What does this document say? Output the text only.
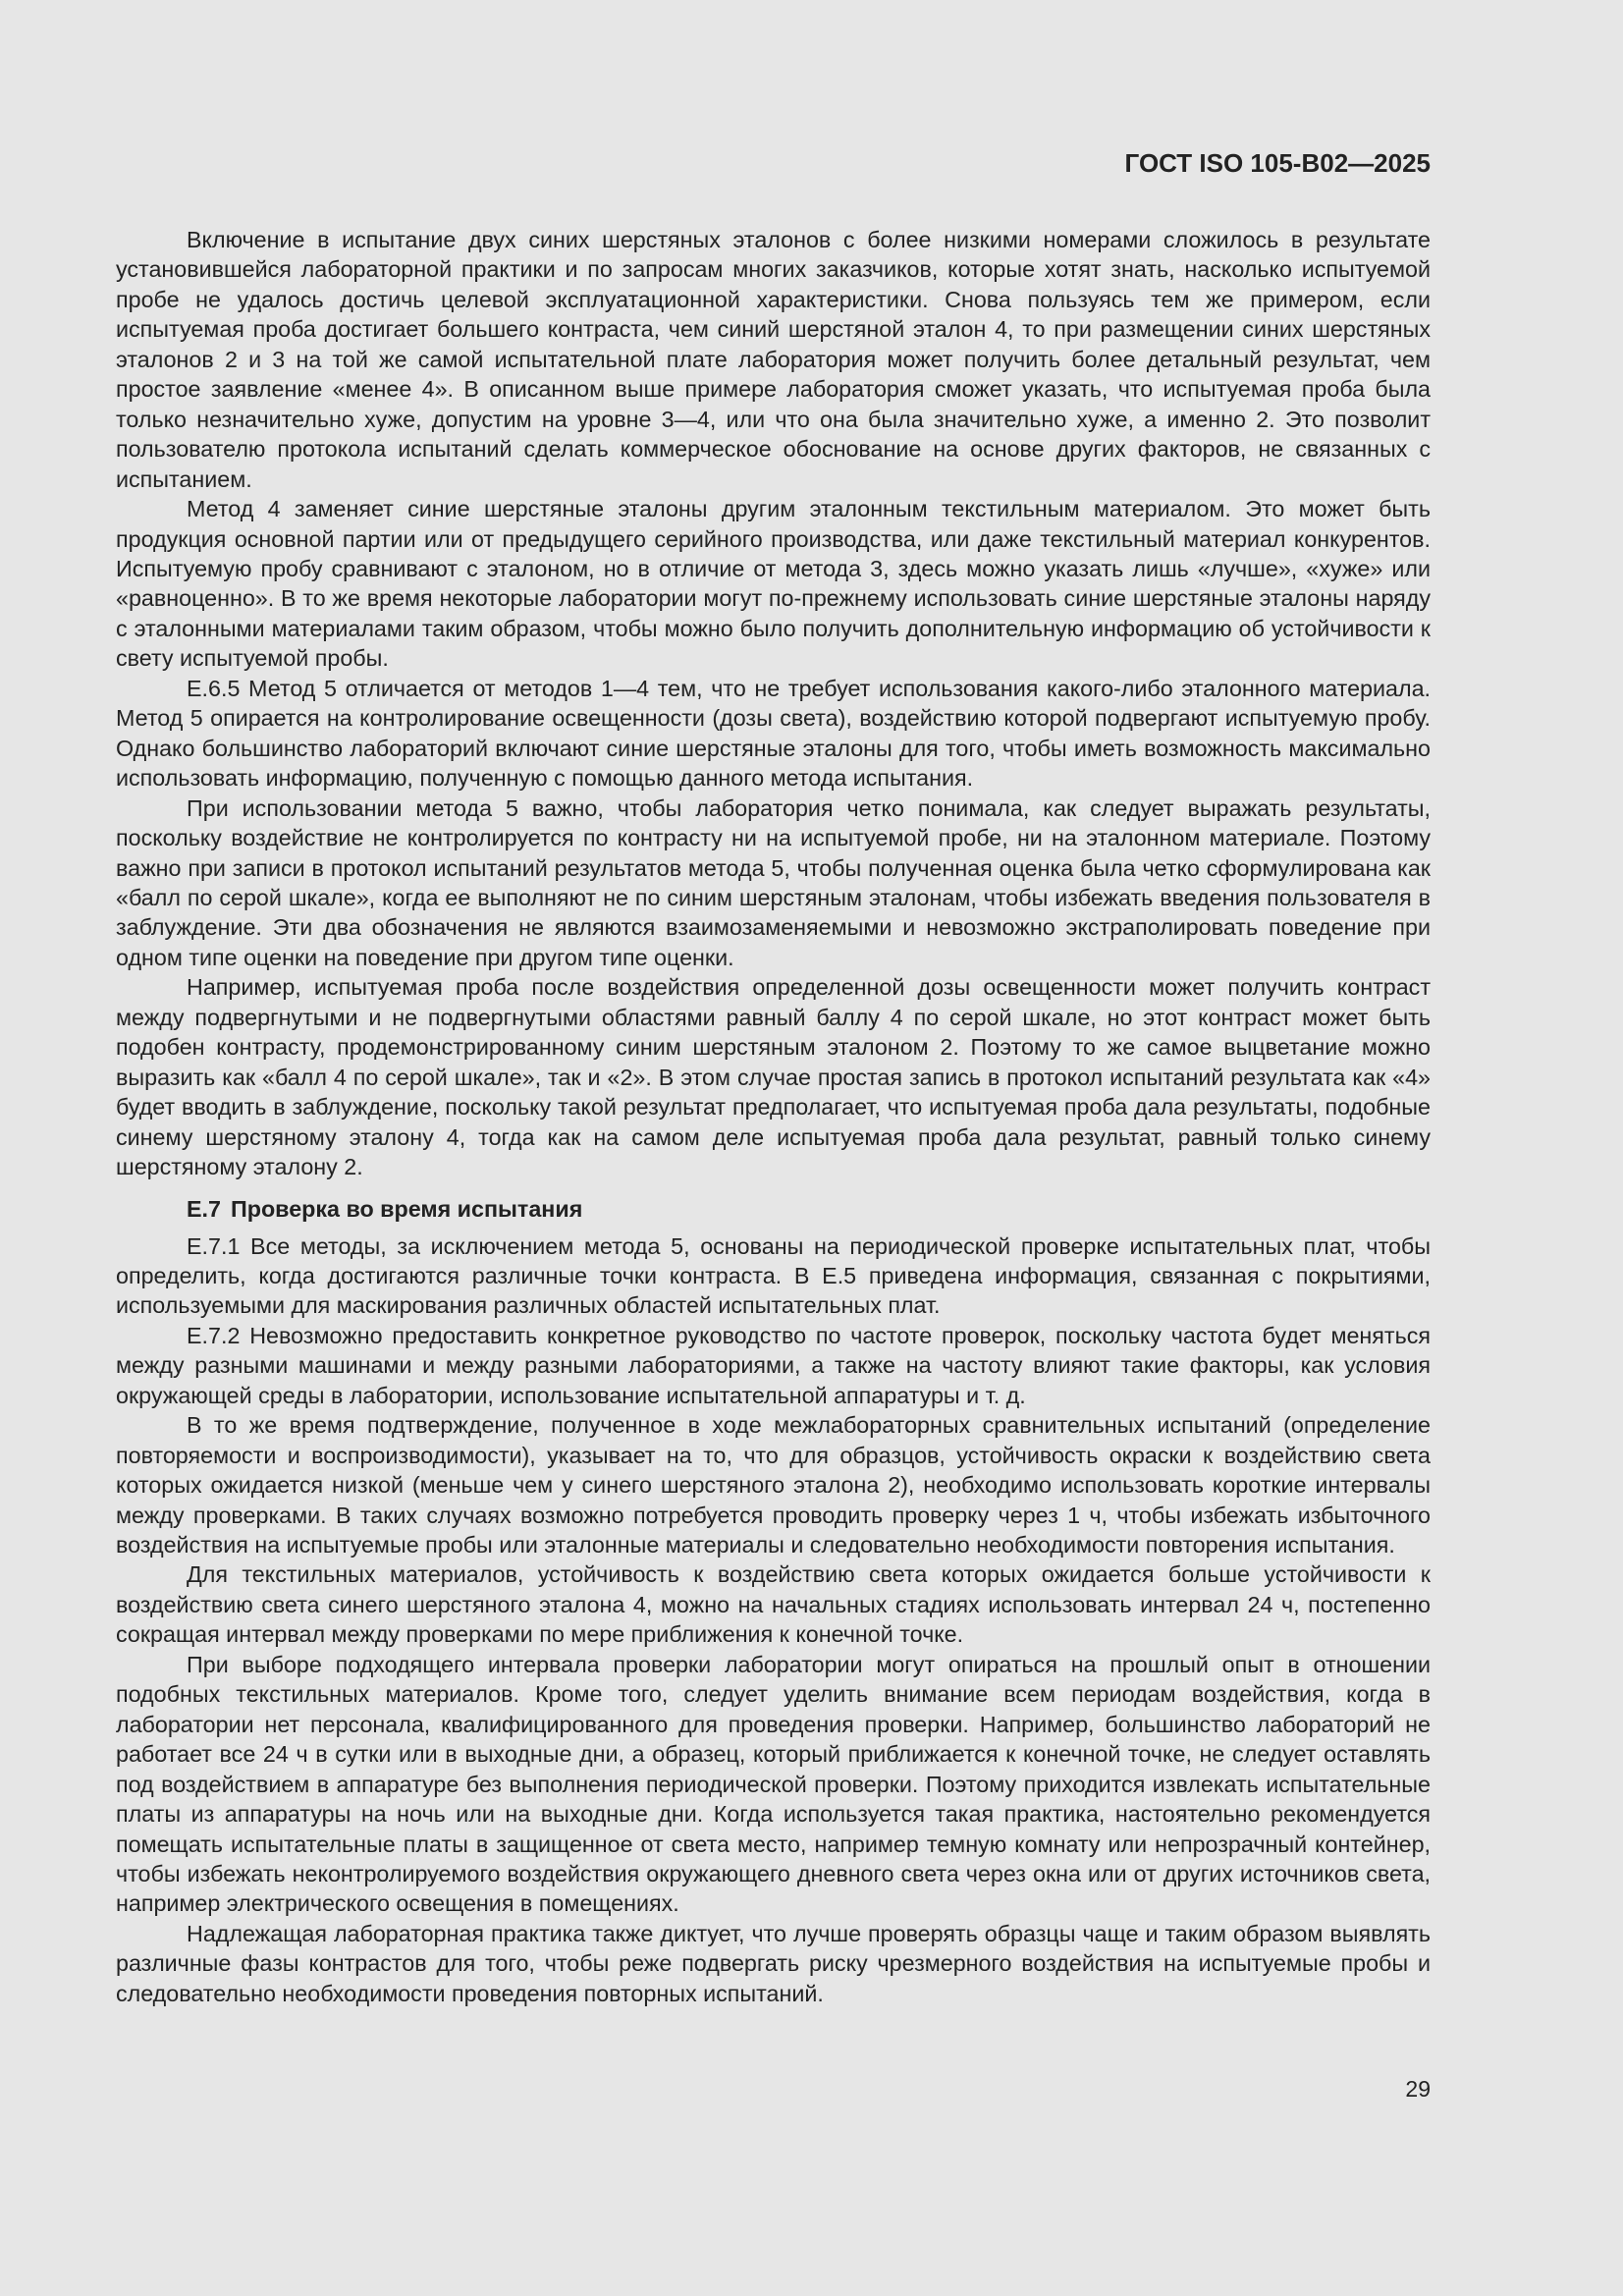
ГОСТ ISO 105-B02—2025

Включение в испытание двух синих шерстяных эталонов с более низкими номерами сложилось в результате установившейся лабораторной практики и по запросам многих заказчиков, которые хотят знать, насколько испытуемой пробе не удалось достичь целевой эксплуатационной характеристики. Снова пользуясь тем же примером, если испытуемая проба достигает большего контраста, чем синий шерстяной эталон 4, то при размещении синих шерстяных эталонов 2 и 3 на той же самой испытательной плате лаборатория может получить более детальный результат, чем простое заявление «менее 4». В описанном выше примере лаборатория сможет указать, что испытуемая проба была только незначительно хуже, допустим на уровне 3—4, или что она была значительно хуже, а именно 2. Это позволит пользователю протокола испытаний сделать коммерческое обоснование на основе других факторов, не связанных с испытанием.

Метод 4 заменяет синие шерстяные эталоны другим эталонным текстильным материалом. Это может быть продукция основной партии или от предыдущего серийного производства, или даже текстильный материал конкурентов. Испытуемую пробу сравнивают с эталоном, но в отличие от метода 3, здесь можно указать лишь «лучше», «хуже» или «равноценно». В то же время некоторые лаборатории могут по-прежнему использовать синие шерстяные эталоны наряду с эталонными материалами таким образом, чтобы можно было получить дополнительную информацию об устойчивости к свету испытуемой пробы.

Е.6.5 Метод 5 отличается от методов 1—4 тем, что не требует использования какого-либо эталонного материала. Метод 5 опирается на контролирование освещенности (дозы света), воздействию которой подвергают испытуемую пробу. Однако большинство лабораторий включают синие шерстяные эталоны для того, чтобы иметь возможность максимально использовать информацию, полученную с помощью данного метода испытания.

При использовании метода 5 важно, чтобы лаборатория четко понимала, как следует выражать результаты, поскольку воздействие не контролируется по контрасту ни на испытуемой пробе, ни на эталонном материале. Поэтому важно при записи в протокол испытаний результатов метода 5, чтобы полученная оценка была четко сформулирована как «балл по серой шкале», когда ее выполняют не по синим шерстяным эталонам, чтобы избежать введения пользователя в заблуждение. Эти два обозначения не являются взаимозаменяемыми и невозможно экстраполировать поведение при одном типе оценки на поведение при другом типе оценки.

Например, испытуемая проба после воздействия определенной дозы освещенности может получить контраст между подвергнутыми и не подвергнутыми областями равный баллу 4 по серой шкале, но этот контраст может быть подобен контрасту, продемонстрированному синим шерстяным эталоном 2. Поэтому то же самое выцветание можно выразить как «балл 4 по серой шкале», так и «2». В этом случае простая запись в протокол испытаний результата как «4» будет вводить в заблуждение, поскольку такой результат предполагает, что испытуемая проба дала результаты, подобные синему шерстяному эталону 4, тогда как на самом деле испытуемая проба дала результат, равный только синему шерстяному эталону 2.

Е.7 Проверка во время испытания

Е.7.1 Все методы, за исключением метода 5, основаны на периодической проверке испытательных плат, чтобы определить, когда достигаются различные точки контраста. В Е.5 приведена информация, связанная с покрытиями, используемыми для маскирования различных областей испытательных плат.

Е.7.2 Невозможно предоставить конкретное руководство по частоте проверок, поскольку частота будет меняться между разными машинами и между разными лабораториями, а также на частоту влияют такие факторы, как условия окружающей среды в лаборатории, использование испытательной аппаратуры и т. д.

В то же время подтверждение, полученное в ходе межлабораторных сравнительных испытаний (определение повторяемости и воспроизводимости), указывает на то, что для образцов, устойчивость окраски к воздействию света которых ожидается низкой (меньше чем у синего шерстяного эталона 2), необходимо использовать короткие интервалы между проверками. В таких случаях возможно потребуется проводить проверку через 1 ч, чтобы избежать избыточного воздействия на испытуемые пробы или эталонные материалы и следовательно необходимости повторения испытания.

Для текстильных материалов, устойчивость к воздействию света которых ожидается больше устойчивости к воздействию света синего шерстяного эталона 4, можно на начальных стадиях использовать интервал 24 ч, постепенно сокращая интервал между проверками по мере приближения к конечной точке.

При выборе подходящего интервала проверки лаборатории могут опираться на прошлый опыт в отношении подобных текстильных материалов. Кроме того, следует уделить внимание всем периодам воздействия, когда в лаборатории нет персонала, квалифицированного для проведения проверки. Например, большинство лабораторий не работает все 24 ч в сутки или в выходные дни, а образец, который приближается к конечной точке, не следует оставлять под воздействием в аппаратуре без выполнения периодической проверки. Поэтому приходится извлекать испытательные платы из аппаратуры на ночь или на выходные дни. Когда используется такая практика, настоятельно рекомендуется помещать испытательные платы в защищенное от света место, например темную комнату или непрозрачный контейнер, чтобы избежать неконтролируемого воздействия окружающего дневного света через окна или от других источников света, например электрического освещения в помещениях.

Надлежащая лабораторная практика также диктует, что лучше проверять образцы чаще и таким образом выявлять различные фазы контрастов для того, чтобы реже подвергать риску чрезмерного воздействия на испытуемые пробы и следовательно необходимости проведения повторных испытаний.

29
